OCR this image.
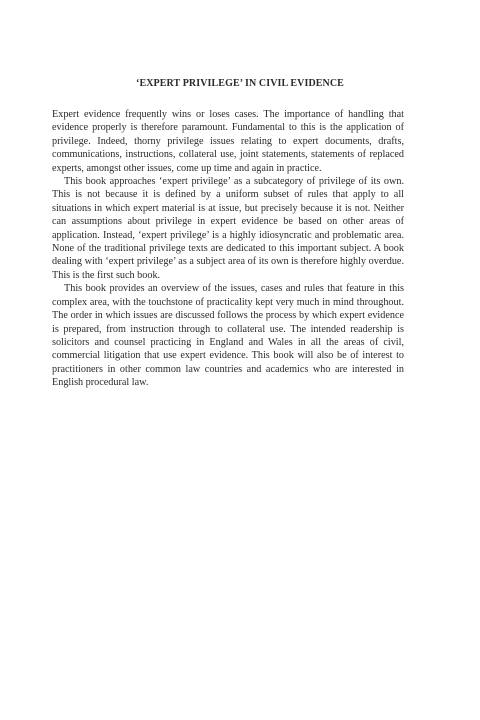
‘EXPERT PRIVILEGE’ IN CIVIL EVIDENCE

Expert evidence frequently wins or loses cases. The importance of handling that evidence properly is therefore paramount. Fundamental to this is the application of privilege. Indeed, thorny privilege issues relating to expert documents, drafts, communications, instructions, collateral use, joint statements, statements of replaced experts, amongst other issues, come up time and again in practice.

This book approaches ‘expert privilege’ as a subcategory of privilege of its own. This is not because it is defined by a uniform subset of rules that apply to all situations in which expert material is at issue, but precisely because it is not. Neither can assumptions about privilege in expert evidence be based on other areas of application. Instead, ‘expert privilege’ is a highly idiosyncratic and problematic area. None of the traditional privilege texts are dedicated to this important subject. A book dealing with ‘expert privilege’ as a subject area of its own is therefore highly overdue. This is the first such book.

This book provides an overview of the issues, cases and rules that feature in this complex area, with the touchstone of practicality kept very much in mind throughout. The order in which issues are discussed follows the process by which expert evidence is prepared, from instruction through to collateral use. The intended readership is solicitors and counsel practicing in England and Wales in all the areas of civil, commercial litigation that use expert evidence. This book will also be of interest to practitioners in other common law countries and academics who are interested in English procedural law.
